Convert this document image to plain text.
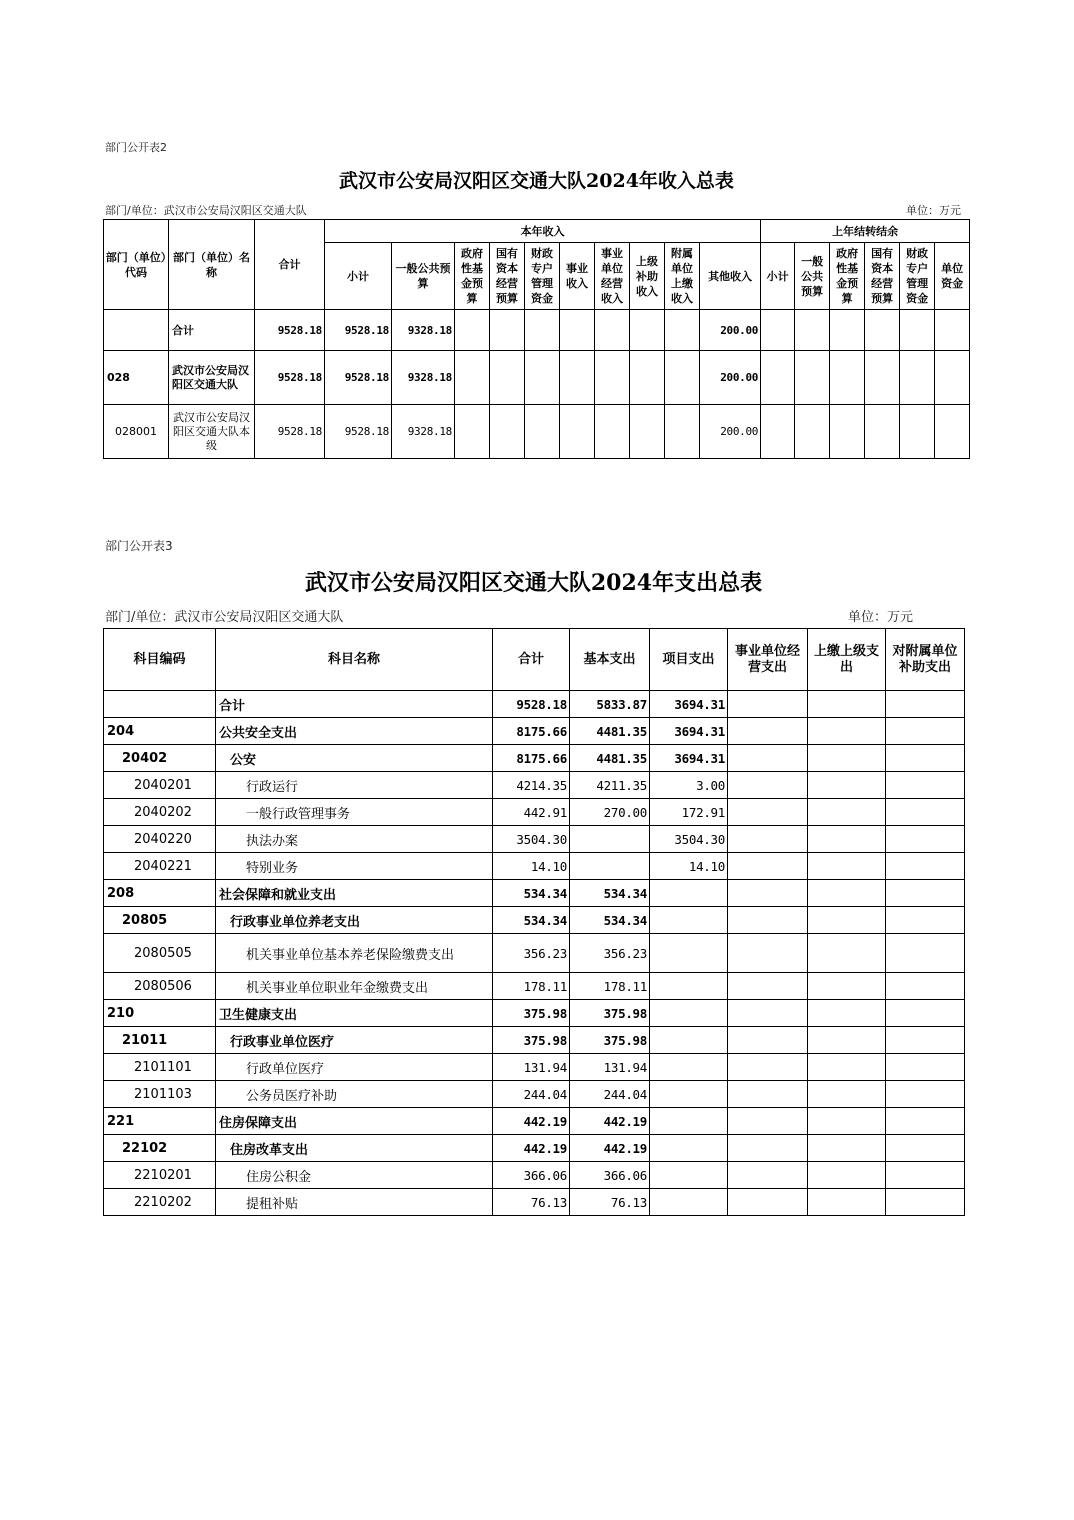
部门公开表2
武汉市公安局汉阳区交通大队2024年收入总表
部门/单位：武汉市公安局汉阳区交通大队	单位：万元
部门（单位）代码	部门（单位）名称	合计	本年收入										上年结转结余					
			小计	一般公共预算	政府性基金预算	国有资本经营预算	财政专户管理资金	事业收入	事业单位经营收入	上级补助收入	附属单位上缴收入	其他收入	小计	一般公共预算	政府性基金预算	国有资本经营预算	财政专户管理资金	单位资金
	合计	9528.18	9528.18	9328.18								200.00						
028	武汉市公安局汉阳区交通大队	9528.18	9528.18	9328.18								200.00						
028001	武汉市公安局汉阳区交通大队本级	9528.18	9528.18	9328.18								200.00						
部门公开表3
武汉市公安局汉阳区交通大队2024年支出总表
部门/单位：武汉市公安局汉阳区交通大队	单位：万元
科目编码	科目名称	合计	基本支出	项目支出	事业单位经营支出	上缴上级支出	对附属单位补助支出
	合计	9528.18	5833.87	3694.31			
204	公共安全支出	8175.66	4481.35	3694.31			
20402	公安	8175.66	4481.35	3694.31			
2040201	行政运行	4214.35	4211.35	3.00			
2040202	一般行政管理事务	442.91	270.00	172.91			
2040220	执法办案	3504.30		3504.30			
2040221	特别业务	14.10		14.10			
208	社会保障和就业支出	534.34	534.34				
20805	行政事业单位养老支出	534.34	534.34				
2080505	机关事业单位基本养老保险缴费支出	356.23	356.23				
2080506	机关事业单位职业年金缴费支出	178.11	178.11				
210	卫生健康支出	375.98	375.98				
21011	行政事业单位医疗	375.98	375.98				
2101101	行政单位医疗	131.94	131.94				
2101103	公务员医疗补助	244.04	244.04				
221	住房保障支出	442.19	442.19				
22102	住房改革支出	442.19	442.19				
2210201	住房公积金	366.06	366.06				
2210202	提租补贴	76.13	76.13				
